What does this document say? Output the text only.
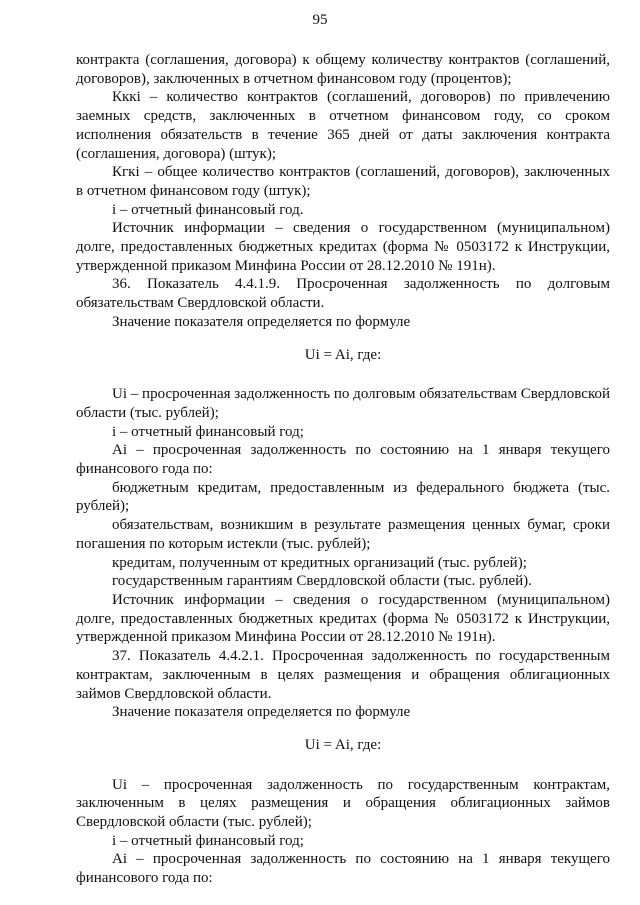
95

контракта (соглашения, договора) к общему количеству контрактов (соглашений, договоров), заключенных в отчетном финансовом году (процентов);

Кккi – количество контрактов (соглашений, договоров) по привлечению заемных средств, заключенных в отчетном финансовом году, со сроком исполнения обязательств в течение 365 дней от даты заключения контракта (соглашения, договора) (штук);

Кгкi – общее количество контрактов (соглашений, договоров), заключенных в отчетном финансовом году (штук);

i – отчетный финансовый год.

Источник информации – сведения о государственном (муниципальном) долге, предоставленных бюджетных кредитах (форма № 0503172 к Инструкции, утвержденной приказом Минфина России от 28.12.2010 № 191н).

36. Показатель 4.4.1.9. Просроченная задолженность по долговым обязательствам Свердловской области.

Значение показателя определяется по формуле

Ui = Ai, где:

Ui – просроченная задолженность по долговым обязательствам Свердловской области (тыс. рублей);

i – отчетный финансовый год;

Ai – просроченная задолженность по состоянию на 1 января текущего финансового года по:

бюджетным кредитам, предоставленным из федерального бюджета (тыс. рублей);

обязательствам, возникшим в результате размещения ценных бумаг, сроки погашения по которым истекли (тыс. рублей);

кредитам, полученным от кредитных организаций (тыс. рублей);

государственным гарантиям Свердловской области (тыс. рублей).

Источник информации – сведения о государственном (муниципальном) долге, предоставленных бюджетных кредитах (форма № 0503172 к Инструкции, утвержденной приказом Минфина России от 28.12.2010 № 191н).

37. Показатель 4.4.2.1. Просроченная задолженность по государственным контрактам, заключенным в целях размещения и обращения облигационных займов Свердловской области.

Значение показателя определяется по формуле

Ui = Ai, где:

Ui – просроченная задолженность по государственным контрактам, заключенным в целях размещения и обращения облигационных займов Свердловской области (тыс. рублей);

i – отчетный финансовый год;

Ai – просроченная задолженность по состоянию на 1 января текущего финансового года по:
